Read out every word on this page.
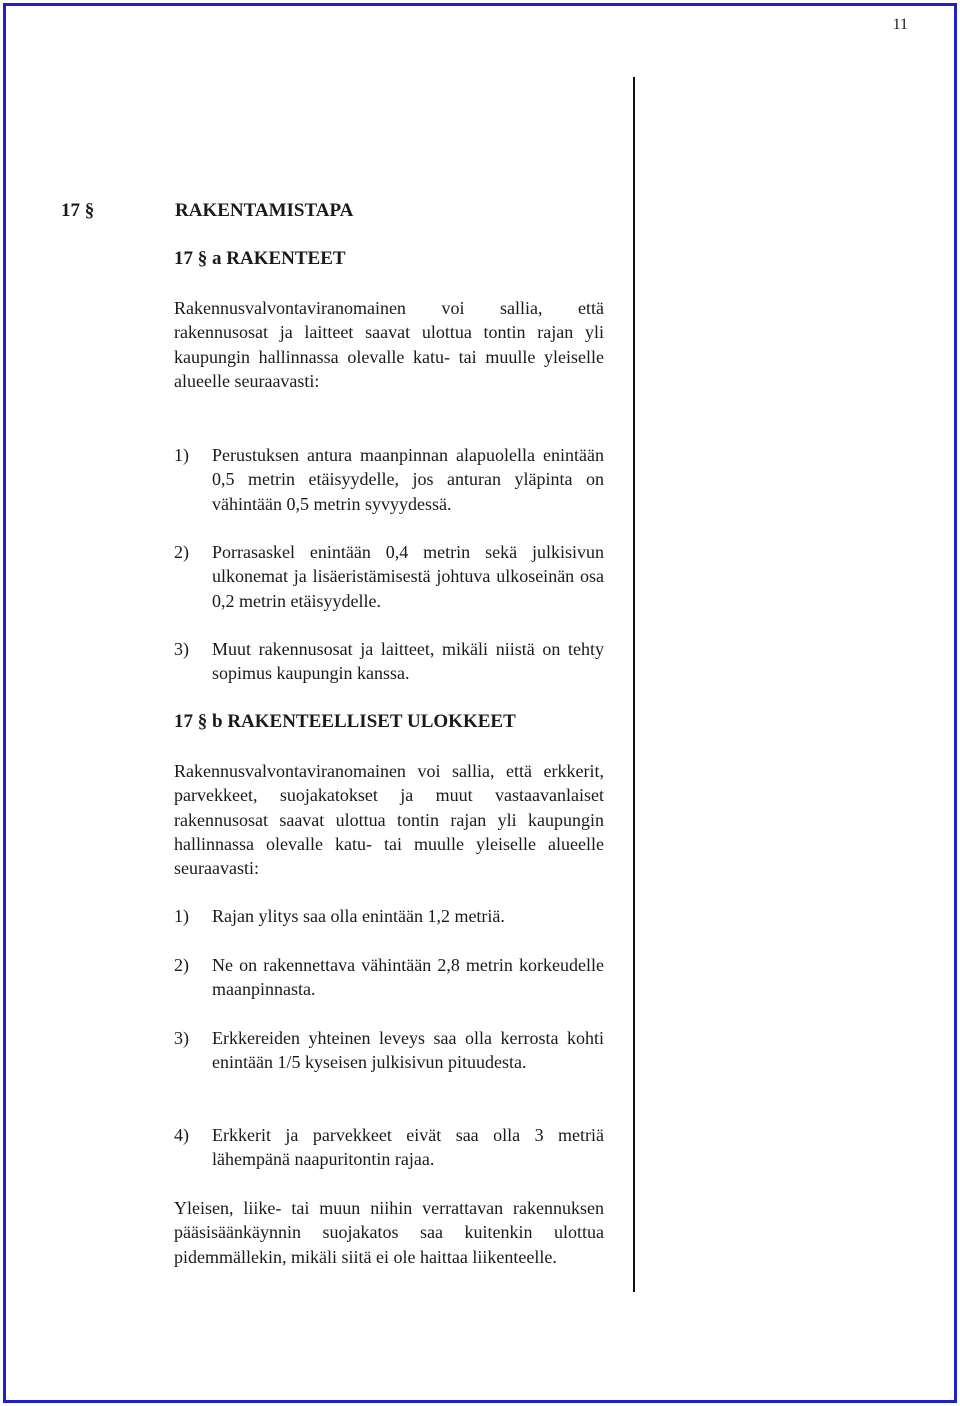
11
17 §	RAKENTAMISTAPA
17 § a RAKENTEET

Rakennusvalvontaviranomainen voi sallia, että rakennusosat ja laitteet saavat ulottua tontin rajan yli kaupungin hallinnassa olevalle katu- tai muulle yleiselle alueelle seuraavasti:

1)	Perustuksen antura maanpinnan alapuolella enintään 0,5 metrin etäisyydelle, jos anturan yläpinta on vähintään 0,5 metrin syvyydessä.
2)	Porrasaskel enintään 0,4 metrin sekä julkisivun ulkonemat ja lisäeristämisestä johtuva ulkoseinän osa 0,2 metrin etäisyydelle.
3)	Muut rakennusosat ja laitteet, mikäli niistä on tehty sopimus kaupungin kanssa.
17 § b RAKENTEELLISET ULOKKEET

Rakennusvalvontaviranomainen voi sallia, että erkkerit, parvekkeet, suojakatokset ja muut vastaavanlaiset rakennusosat saavat ulottua tontin rajan yli kaupungin hallinnassa olevalle katu- tai muulle yleiselle alueelle seuraavasti:

1)	Rajan ylitys saa olla enintään 1,2 metriä.
2)	Ne on rakennettava vähintään 2,8 metrin korkeudelle maanpinnasta.
3)	Erkkereiden yhteinen leveys saa olla kerrosta kohti enintään 1/5 kyseisen julkisivun pituudesta.
4)	Erkkerit ja parvekkeet eivät saa olla 3 metriä lähempänä naapuritontin rajaa.

Yleisen, liike- tai muun niihin verrattavan rakennuksen pääsisäänkäynnin suojakatos saa kuitenkin ulottua pidemmällekin, mikäli siitä ei ole haittaa liikenteelle.
